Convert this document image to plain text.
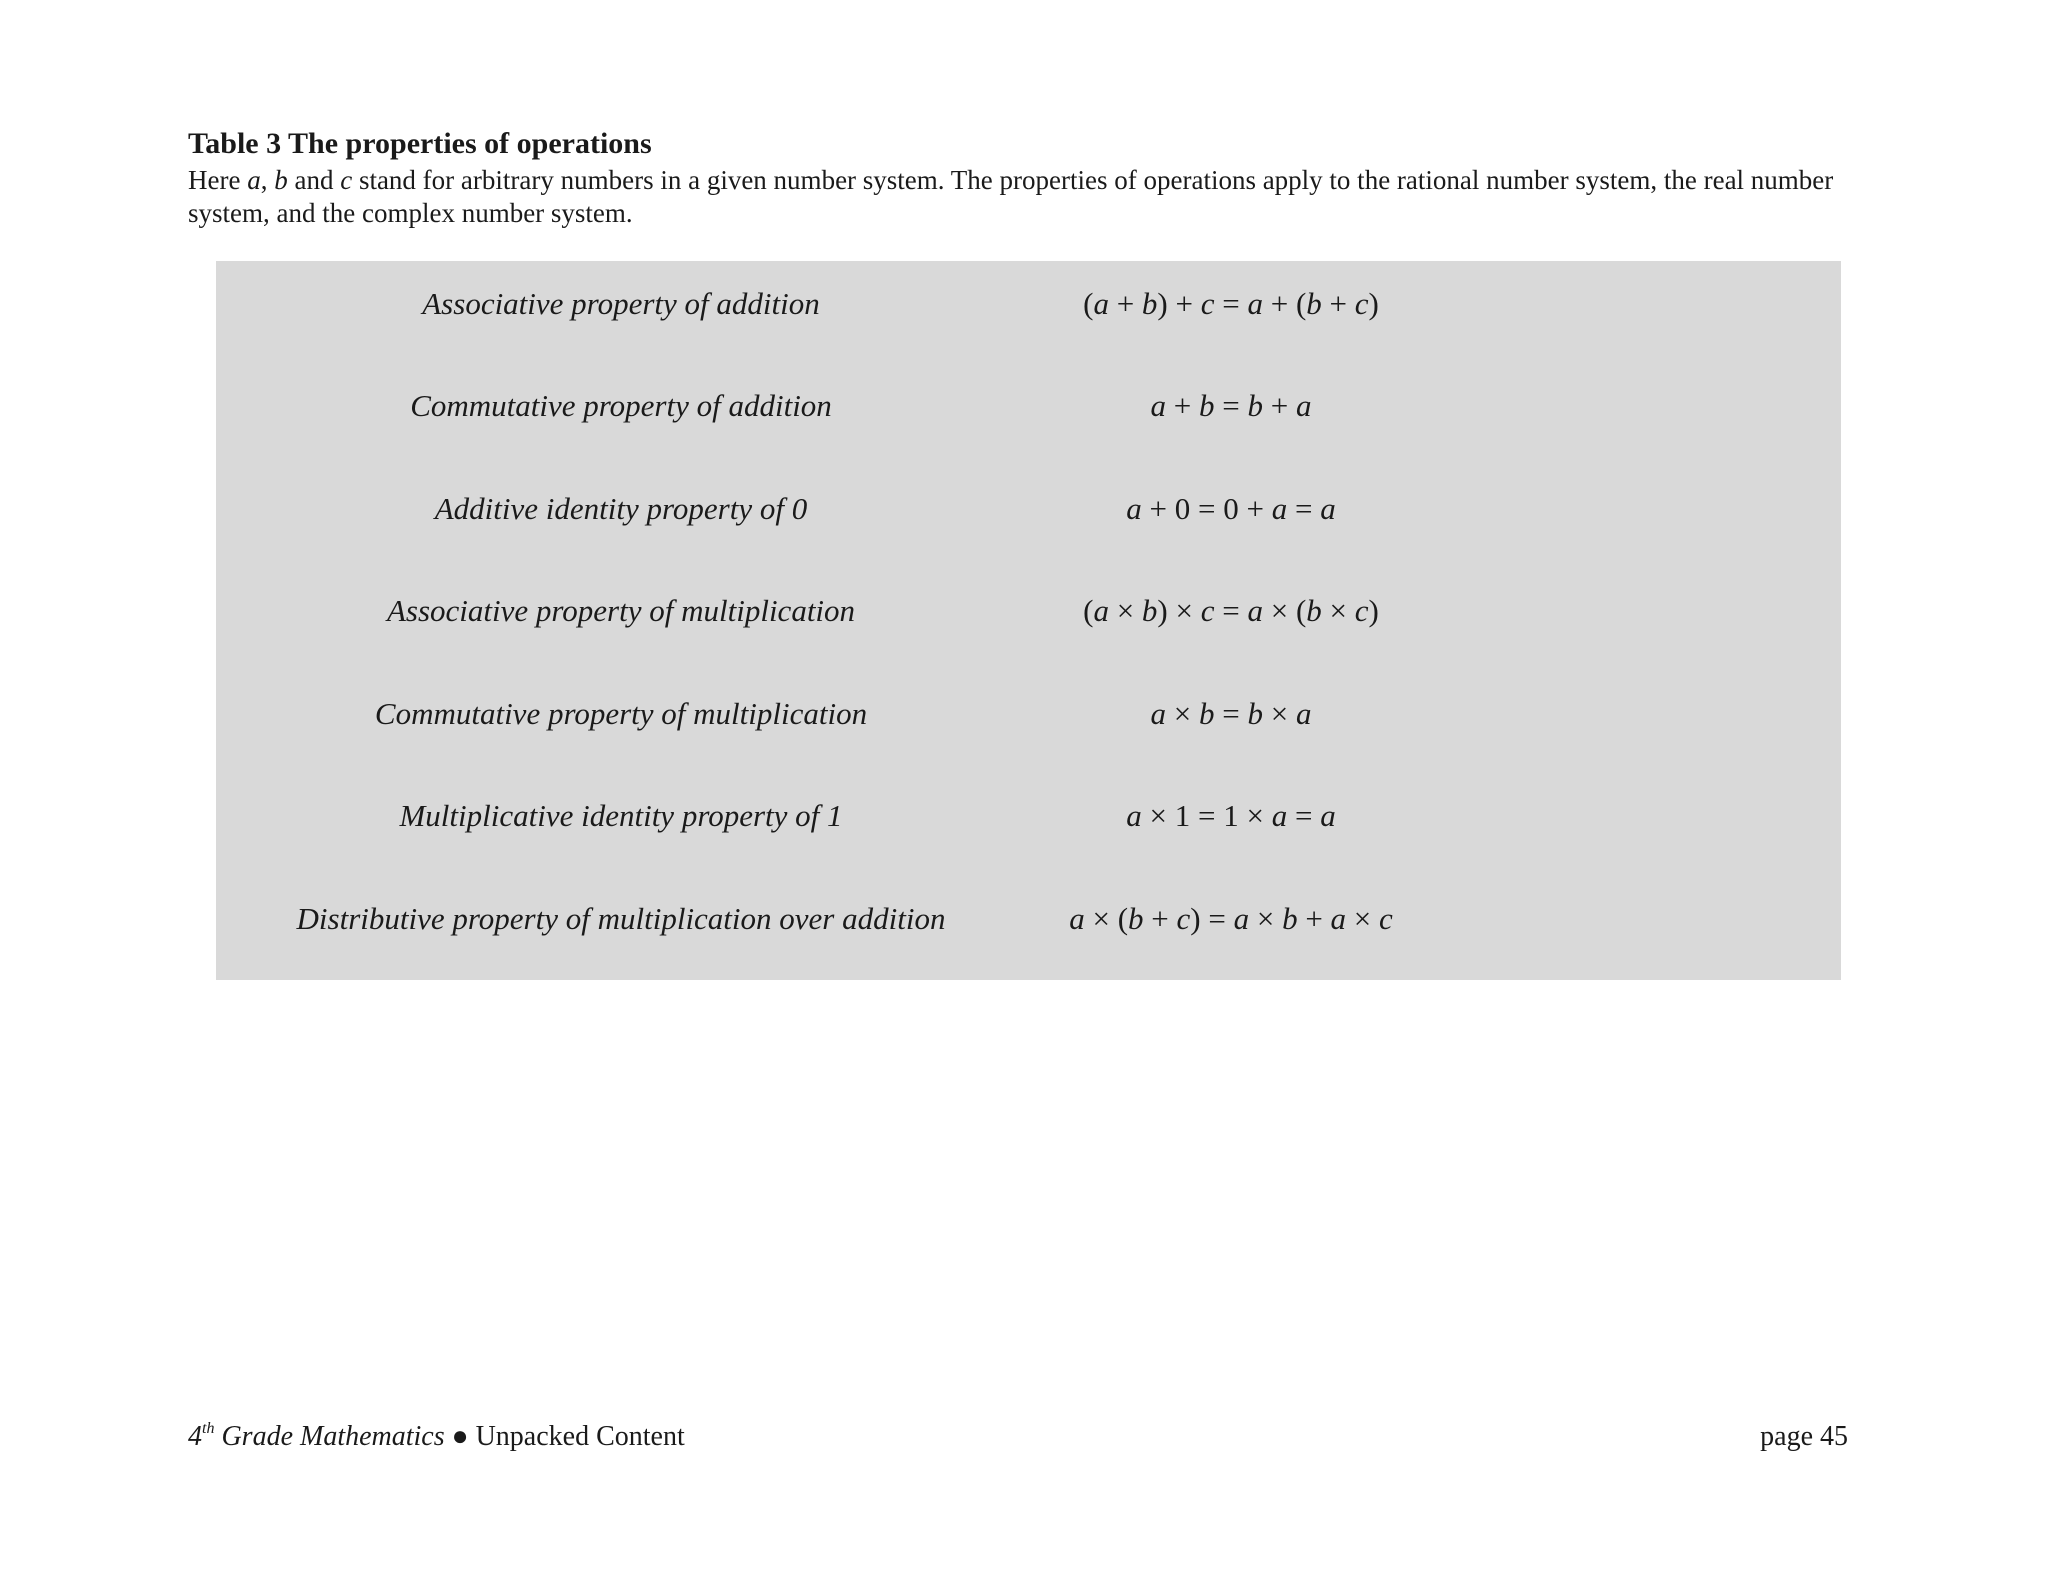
Table 3 The properties of operations

Here a, b and c stand for arbitrary numbers in a given number system. The properties of operations apply to the rational number system, the real number system, and the complex number system.

Associative property of addition	(a + b) + c = a + (b + c)
Commutative property of addition	a + b = b + a
Additive identity property of 0	a + 0 = 0 + a = a
Associative property of multiplication	(a × b) × c = a × (b × c)
Commutative property of multiplication	a × b = b × a
Multiplicative identity property of 1	a × 1 = 1 × a = a
Distributive property of multiplication over addition	a × (b + c) = a × b + a × c
4th Grade Mathematics ● Unpacked Content	page 45
